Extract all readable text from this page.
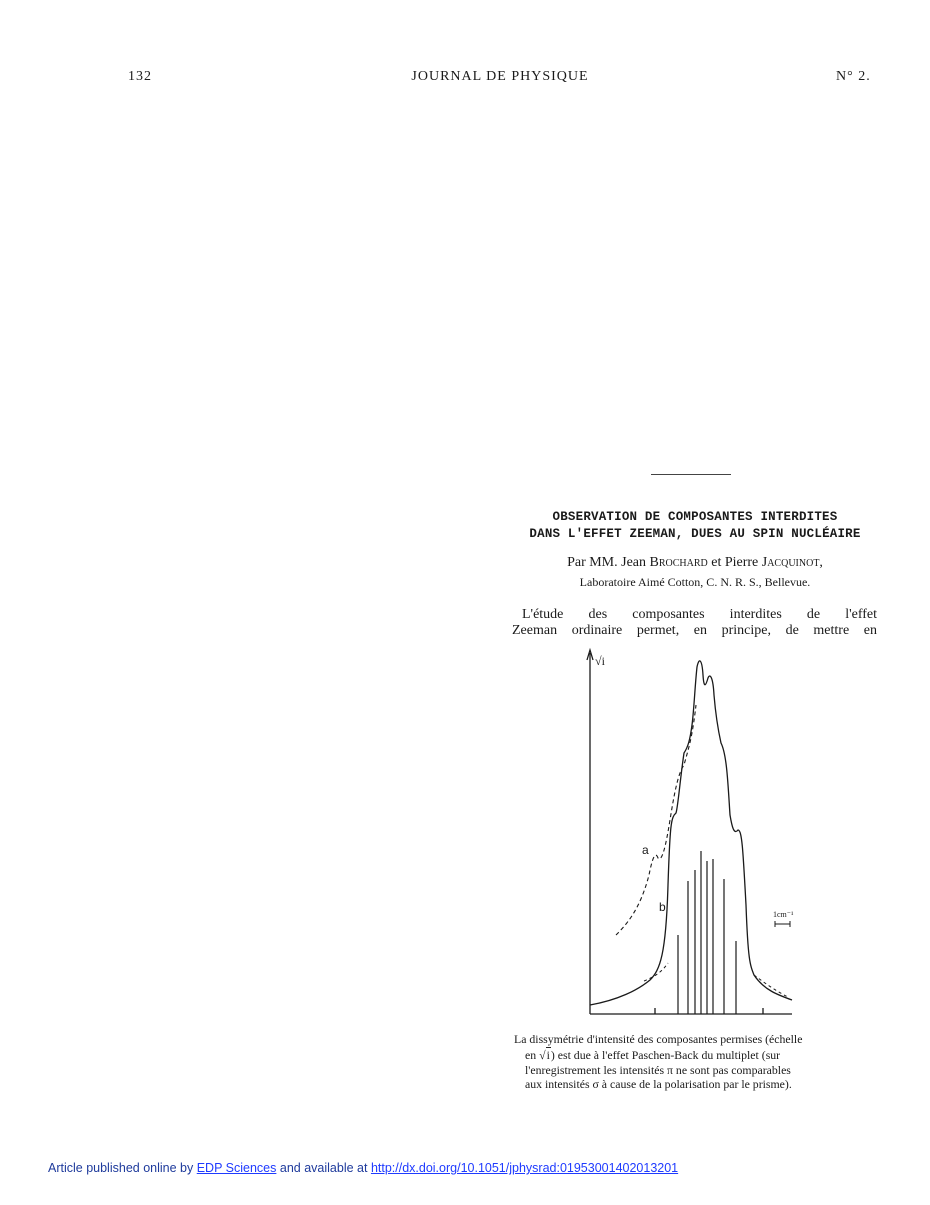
132	JOURNAL DE PHYSIQUE	N° 2.
OBSERVATION DE COMPOSANTES INTERDITES
DANS L'EFFET ZEEMAN, DUES AU SPIN NUCLÉAIRE
Par MM. Jean Brochard et Pierre Jacquinot,
Laboratoire Aimé Cotton, C. N. R. S., Bellevue.
L'étude des composantes interdites de l'effet
Zeeman ordinaire permet, en principe, de mettre en
√i
a
b
1cm⁻¹
La dissymétrie d'intensité des composantes permises (échelle
en √i) est due à l'effet Paschen-Back du multiplet (sur
l'enregistrement les intensités π ne sont pas comparables
aux intensités σ à cause de la polarisation par le prisme).
Article published online by EDP Sciences and available at http://dx.doi.org/10.1051/jphysrad:01953001402013201
